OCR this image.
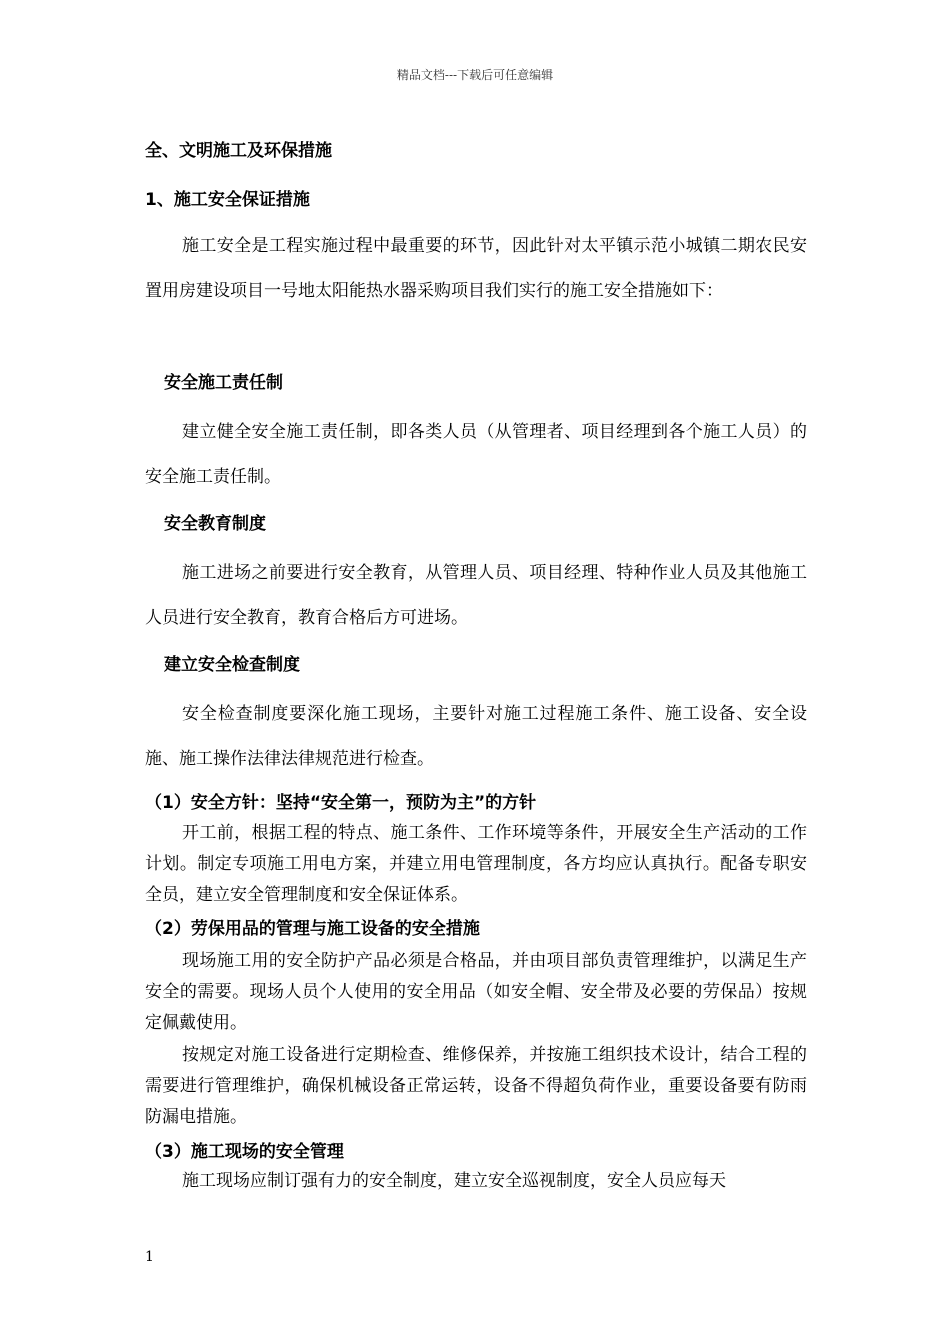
精品文档---下载后可任意编辑
全、文明施工及环保措施
1、施工安全保证措施

施工安全是工程实施过程中最重要的环节，因此针对太平镇示范小城镇二期农民安置用房建设项目一号地太阳能热水器采购项目我们实行的施工安全措施如下：

安全施工责任制

建立健全安全施工责任制，即各类人员（从管理者、项目经理到各个施工人员）的安全施工责任制。

安全教育制度

施工进场之前要进行安全教育，从管理人员、项目经理、特种作业人员及其他施工人员进行安全教育，教育合格后方可进场。

建立安全检查制度

安全检查制度要深化施工现场，主要针对施工过程施工条件、施工设备、安全设施、施工操作法律法律规范进行检查。

（1）安全方针：坚持“安全第一，预防为主”的方针

开工前，根据工程的特点、施工条件、工作环境等条件，开展安全生产活动的工作计划。制定专项施工用电方案，并建立用电管理制度，各方均应认真执行。配备专职安全员，建立安全管理制度和安全保证体系。

（2）劳保用品的管理与施工设备的安全措施

现场施工用的安全防护产品必须是合格品，并由项目部负责管理维护，以满足生产安全的需要。现场人员个人使用的安全用品（如安全帽、安全带及必要的劳保品）按规定佩戴使用。

按规定对施工设备进行定期检查、维修保养，并按施工组织技术设计，结合工程的需要进行管理维护，确保机械设备正常运转，设备不得超负荷作业，重要设备要有防雨防漏电措施。

（3）施工现场的安全管理

施工现场应制订强有力的安全制度，建立安全巡视制度，安全人员应每天

1
